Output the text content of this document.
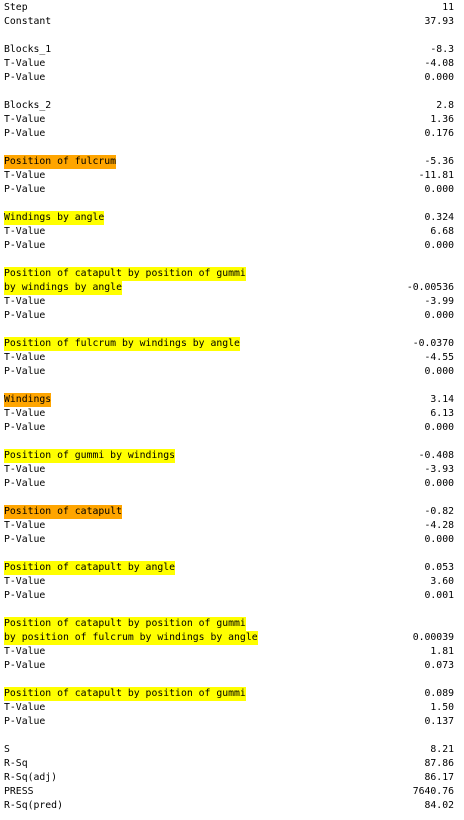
Step	11
Constant	37.93
Blocks_1	-8.3
T-Value	-4.08
P-Value	0.000
Blocks_2	2.8
T-Value	1.36
P-Value	0.176
Position of fulcrum	-5.36
T-Value	-11.81
P-Value	0.000
Windings by angle	0.324
T-Value	6.68
P-Value	0.000
Position of catapult by position of gummi
by windings by angle	-0.00536
T-Value	-3.99
P-Value	0.000
Position of fulcrum by windings by angle	-0.0370
T-Value	-4.55
P-Value	0.000
Windings	3.14
T-Value	6.13
P-Value	0.000
Position of gummi by windings	-0.408
T-Value	-3.93
P-Value	0.000
Position of catapult	-0.82
T-Value	-4.28
P-Value	0.000
Position of catapult by angle	0.053
T-Value	3.60
P-Value	0.001
Position of catapult by position of gummi
by position of fulcrum by windings by angle	0.00039
T-Value	1.81
P-Value	0.073
Position of catapult by position of gummi	0.089
T-Value	1.50
P-Value	0.137
S	8.21
R-Sq	87.86
R-Sq(adj)	86.17
PRESS	7640.76
R-Sq(pred)	84.02
